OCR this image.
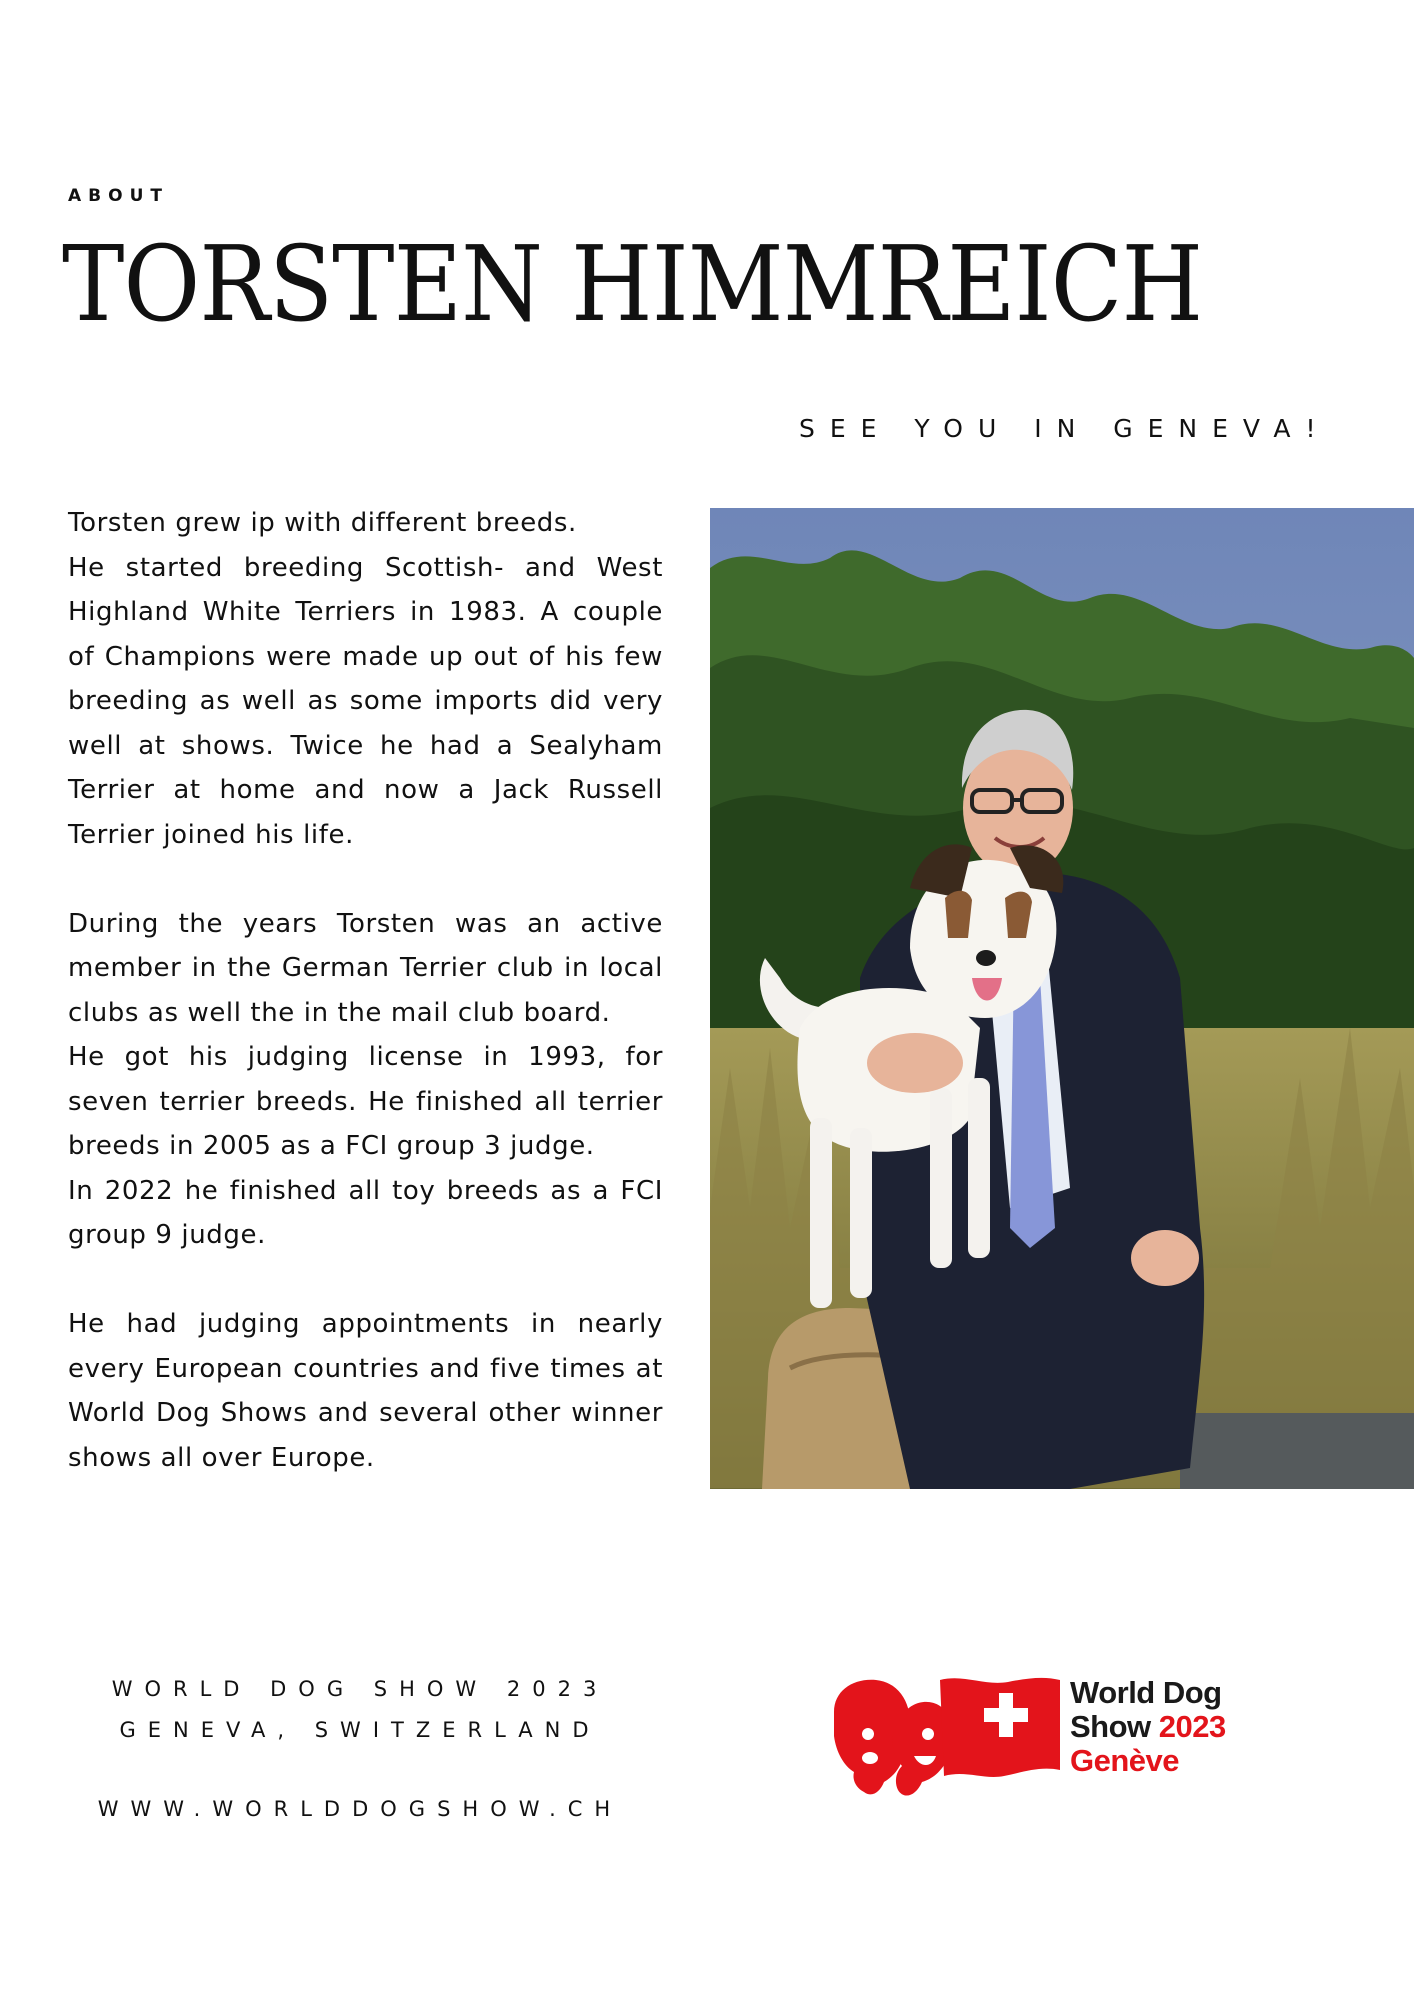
ABOUT
TORSTEN HIMMREICH
SEE YOU IN GENEVA!

Torsten grew ip with different breeds.
He started breeding Scottish- and West Highland White Terriers in 1983. A couple of Champions were made up out of his few breeding as well as some imports did very well at shows. Twice he had a Sealyham Terrier at home and now a Jack Russell Terrier joined his life.

During the years Torsten was an active member in the German Terrier club in local clubs as well the in the mail club board.
He got his judging license in 1993, for seven terrier breeds. He finished all terrier breeds in 2005 as a FCI group 3 judge.
In 2022 he finished all toy breeds as a FCI group 9 judge.

He had judging appointments in nearly every European countries and five times at World Dog Shows and several other winner shows all over Europe.

WORLD DOG SHOW 2023
GENEVA, SWITZERLAND
WWW.WORLDDOGSHOW.CH
World Dog
Show 2023
Genève
